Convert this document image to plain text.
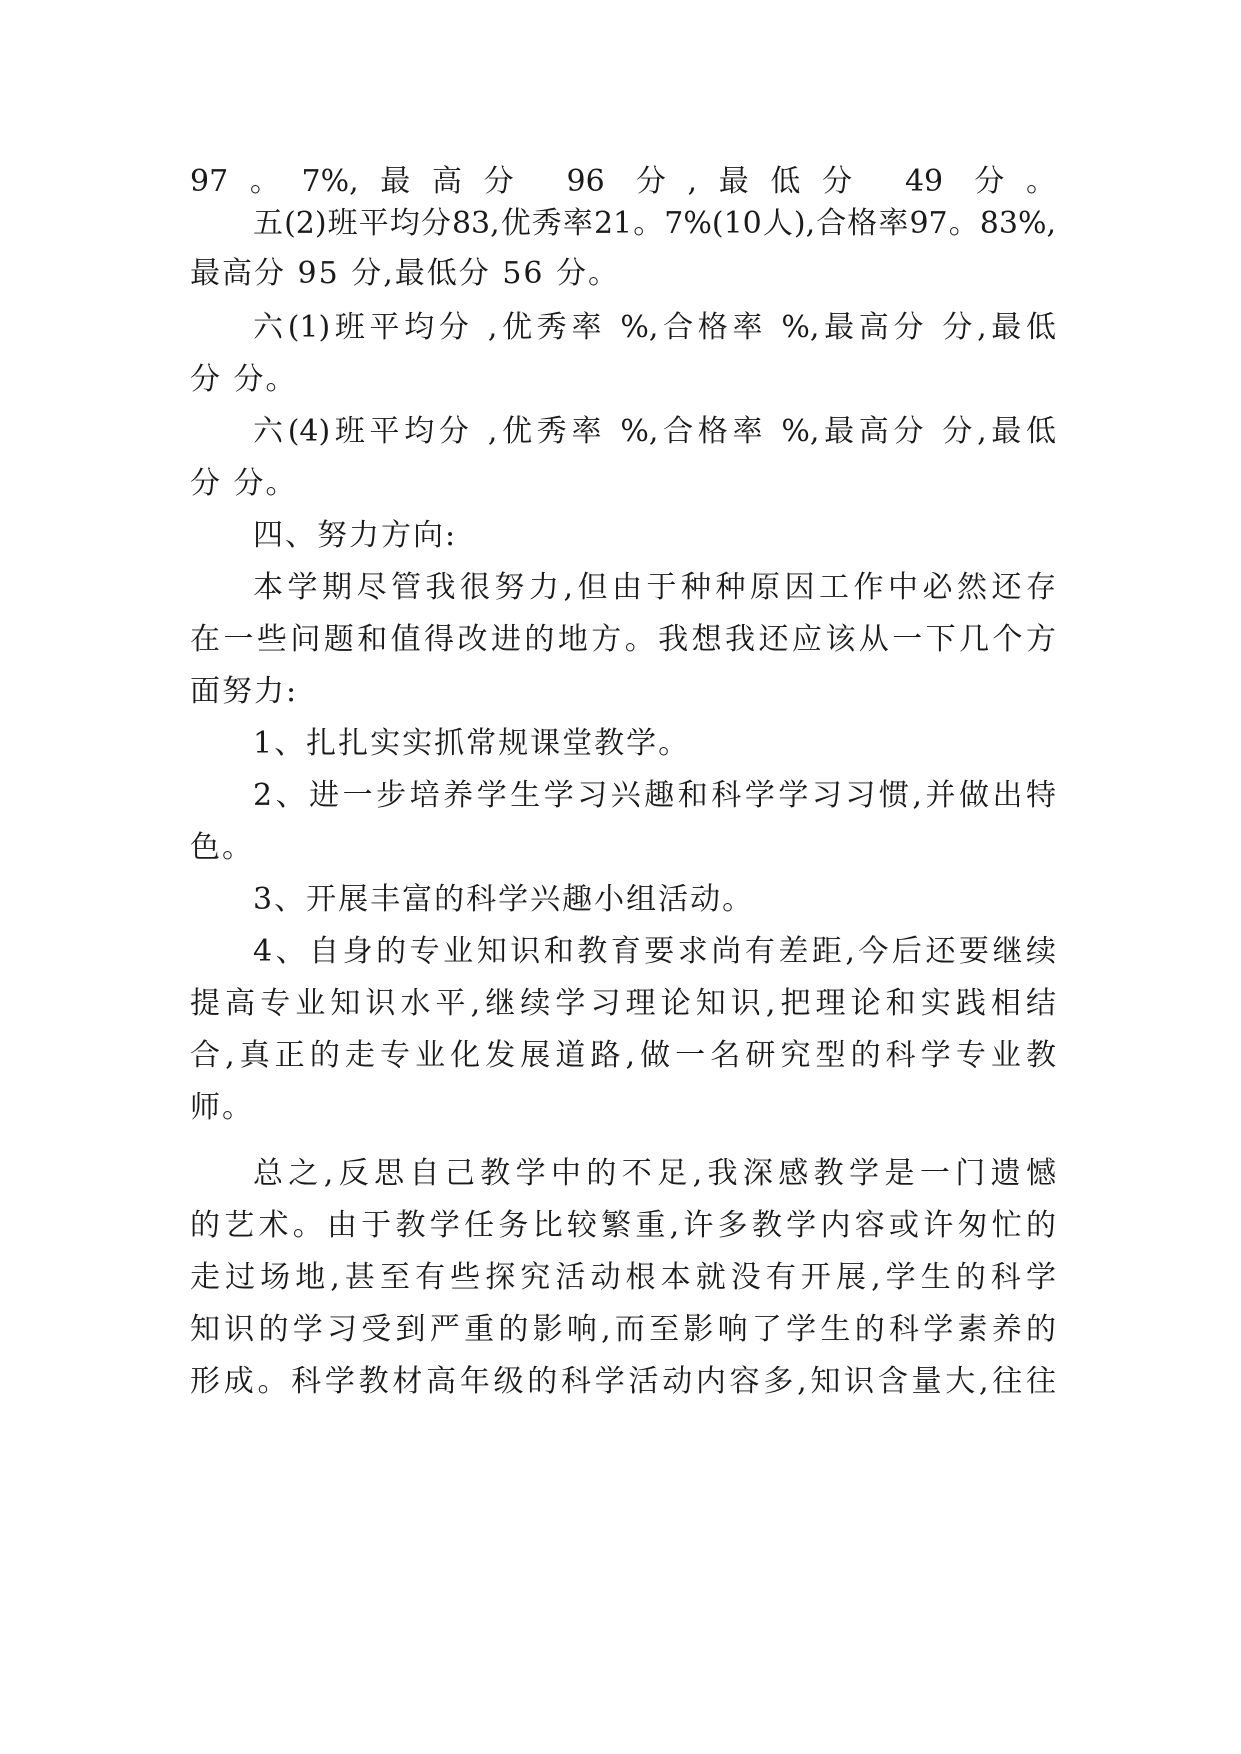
97。7%,最高分 96 分,最低分 49 分。
五(2)班平均分83,优秀率21。7%(10人),合格率97。83%,
最高分 95 分,最低分 56 分。
六(1)班平均分 ,优秀率 %,合格率 %,最高分 分,最低
分 分。
六(4)班平均分 ,优秀率 %,合格率 %,最高分 分,最低
分 分。
四、努力方向:
本学期尽管我很努力,但由于种种原因工作中必然还存
在一些问题和值得改进的地方。我想我还应该从一下几个方
面努力:
1、扎扎实实抓常规课堂教学。
2、进一步培养学生学习兴趣和科学学习习惯,并做出特
色。
3、开展丰富的科学兴趣小组活动。
4、自身的专业知识和教育要求尚有差距,今后还要继续
提高专业知识水平,继续学习理论知识,把理论和实践相结
合,真正的走专业化发展道路,做一名研究型的科学专业教
师。
总之,反思自己教学中的不足,我深感教学是一门遗憾
的艺术。由于教学任务比较繁重,许多教学内容或许匆忙的
走过场地,甚至有些探究活动根本就没有开展,学生的科学
知识的学习受到严重的影响,而至影响了学生的科学素养的
形成。科学教材高年级的科学活动内容多,知识含量大,往往
